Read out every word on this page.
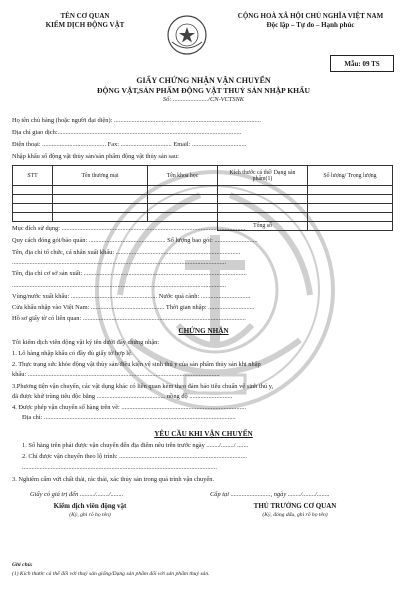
TÊN CƠ QUAN
KIỂM DỊCH ĐỘNG VẬT
CỘNG HOÀ XÃ HỘI CHỦ NGHĨA VIỆT NAM
Độc lập – Tự do – Hạnh phúc
Mẫu: 09 TS
GIẤY CHỨNG NHẬN VẬN CHUYỂN
ĐỘNG VẬT,SẢN PHẨM ĐỘNG VẬT THUỶ SẢN NHẬP KHẨU
Số: ....................../CN-VCTSNK
Họ tên chủ hàng (hoặc người đại diện): ............................................................................................
Địa chỉ giao dịch:...................................................................................................................
Điện thoại: ........................................ Fax: ................................ Email: ..................................
Nhập khẩu số động vật thủy sản/sản phẩm động vật thủy sản sau:
STT	Tên thương mại	Tên khoa học	Kích thước cá thể/ Dạng sản phẩm(1)	Số lượng/ Trọng lượng

			Tổng số	
Mục đích sử dụng: ...................................................................................................................
Quy cách đóng gói/bảo quản: ................................................ Số lượng bao gói: ...........................
Tên, địa chỉ tổ chức, cá nhân xuất khẩu: ..............................................................................
......................................................................................................................................
Tên, địa chỉ cơ sở sản xuất: ......................................................................................................
......................................................................................................................................
Vùng/nước xuất khẩu: ...................................................... Nước quá cảnh: ...............................
Cửa khẩu nhập vào Việt Nam: .............................................. Thời gian nhập: .............................
Hồ sơ giấy tờ có liên quan: ......................................................................................................
CHỨNG NHẬN
Tôi kiểm dịch viên động vật ký tên dưới đây chứng nhận:
1. Lô hàng nhập khẩu có đầy đủ giấy tờ hợp lệ.
2. Thực trạng sức khỏe động vật thủy sản/điều kiện vệ sinh thú y của sản phẩm thủy sản khi nhập
khẩu: ........................................................................................................................
3.Phương tiện vận chuyển, các vật dụng khác có liên quan kèm theo đảm bảo tiêu chuẩn vệ sinh thú y,
đã được khử trùng tiêu độc bằng ........................................... nồng độ ...........................
4. Được phép vận chuyển số hàng trên về: ..............................................................................
Địa chỉ: ........................................................................................................................
YÊU CẦU KHI VẬN CHUYỂN
1. Số hàng trên phải được vận chuyển đến địa điểm nêu trên trước ngày ......../......../ .......
2. Chỉ được vận chuyển theo lộ trình: ................................................................................
..........................................................................................................................
3. Nghiêm cấm vứt chất thải, rác thải, xác thủy sản trong quá trình vận chuyển.
Giấy có giá trị đến ........./......../........	Cấp tại ........................., ngày ......../......../........
Kiểm dịch viên động vật
(Ký, ghi rõ họ tên)
THỦ TRƯỞNG CƠ QUAN
(Ký, đóng dấu, ghi rõ họ tên)
Ghi chú:
(1) Kích thước cá thể đối với thuỷ sản giống/Dạng sản phẩm đối với sản phẩm thuỷ sản.
